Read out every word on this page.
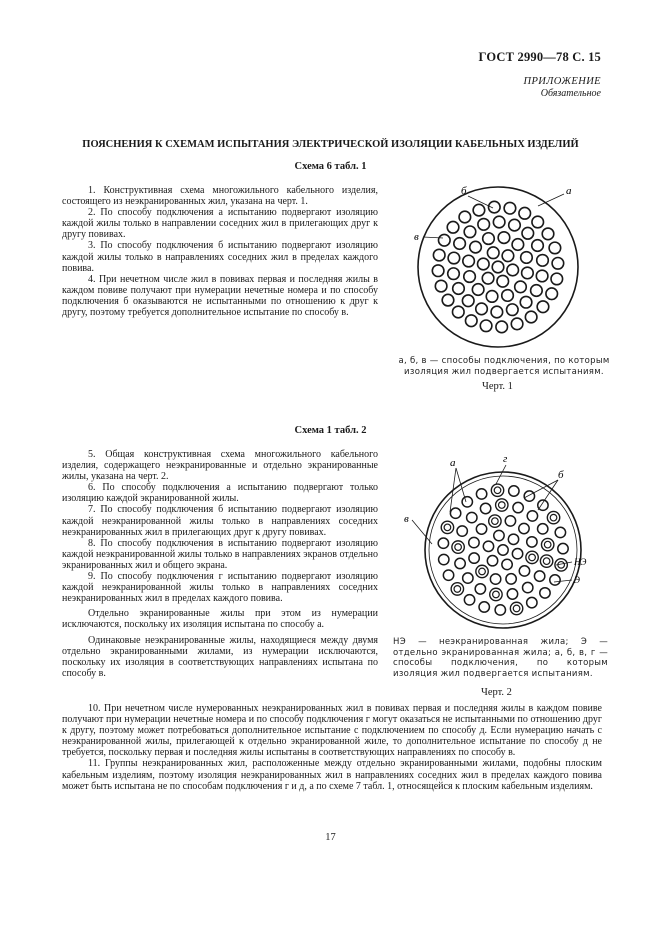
ГОСТ 2990—78 С. 15
ПРИЛОЖЕНИЕ
Обязательное
ПОЯСНЕНИЯ К СХЕМАМ ИСПЫТАНИЯ ЭЛЕКТРИЧЕСКОЙ ИЗОЛЯЦИИ КАБЕЛЬНЫХ ИЗДЕЛИЙ
Схема 6 табл. 1

1. Конструктивная схема многожильного кабельного изделия, состоящего из неэкранированных жил, указана на черт. 1.

2. По способу подключения а испытанию подвергают изоляцию каждой жилы только в направлении соседних жил в прилегающих друг к другу повивах.

3. По способу подключения б испытанию подвергают изоляцию каждой жилы только в направлениях соседних жил в пределах каждого повива.

4. При нечетном числе жил в повивах первая и последняя жилы в каждом повиве получают при нумерации нечетные номера и по способу подключения б оказываются не испытанными по отношению к друг к другу, поэтому требуется дополнительное испытание по способу в.

б	а
в
а, б, в — способы подключения, по которым изоляция жил подвергается испытаниям.
Черт. 1
Схема 1 табл. 2

5. Общая конструктивная схема многожильного кабельного изделия, содержащего неэкранированные и отдельно экранированные жилы, указана на черт. 2.

6. По способу подключения а испытанию подвергают только изоляцию каждой экранированной жилы.

7. По способу подключения б испытанию подвергают изоляцию каждой неэкранированной жилы только в направлениях соседних неэкранированных жил в прилегающих друг к другу повивах.

8. По способу подключения в испытанию подвергают изоляцию каждой неэкранированной жилы только в направлениях экранов отдельно экранированных жил и общего экрана.

9. По способу подключения г испытанию подвергают изоляцию каждой неэкранированной жилы только в направлениях соседних неэкранированных жил в пределах каждого повива.

Отдельно экранированные жилы при этом из нумерации исключаются, поскольку их изоляция испытана по способу а.

Одинаковые неэкранированные жилы, находящиеся между двумя отдельно экранированными жилами, из нумерации исключаются, поскольку их изоляция в соответствующих направлениях испытана по способу в.

а	г
б
в
НЭ
Э
НЭ — неэкранированная жила; Э — отдельно экранированная жила; а, б, в, г — способы подключения, по которым изоляция жил подвергается испытаниям.
Черт. 2

10. При нечетном числе нумерованных неэкранированных жил в повивах первая и последняя жилы в каждом повиве получают при нумерации нечетные номера и по способу подключения г могут оказаться не испытанными по отношению друг к другу, поэтому может потребоваться дополнительное испытание с подключением по способу д. Если нумерацию начать с неэкранированной жилы, прилегающей к отдельно экранированной жиле, то дополнительное испытание по способу д не требуется, поскольку первая и последняя жилы испытаны в соответствующих направлениях по способу в.

11. Группы неэкранированных жил, расположенные между отдельно экранированными жилами, подобны плоским кабельным изделиям, поэтому изоляция неэкранированных жил в направлениях соседних жил в пределах каждого повива может быть испытана не по способам подключения г и д, а по схеме 7 табл. 1, относящейся к плоским кабельным изделиям.

17
